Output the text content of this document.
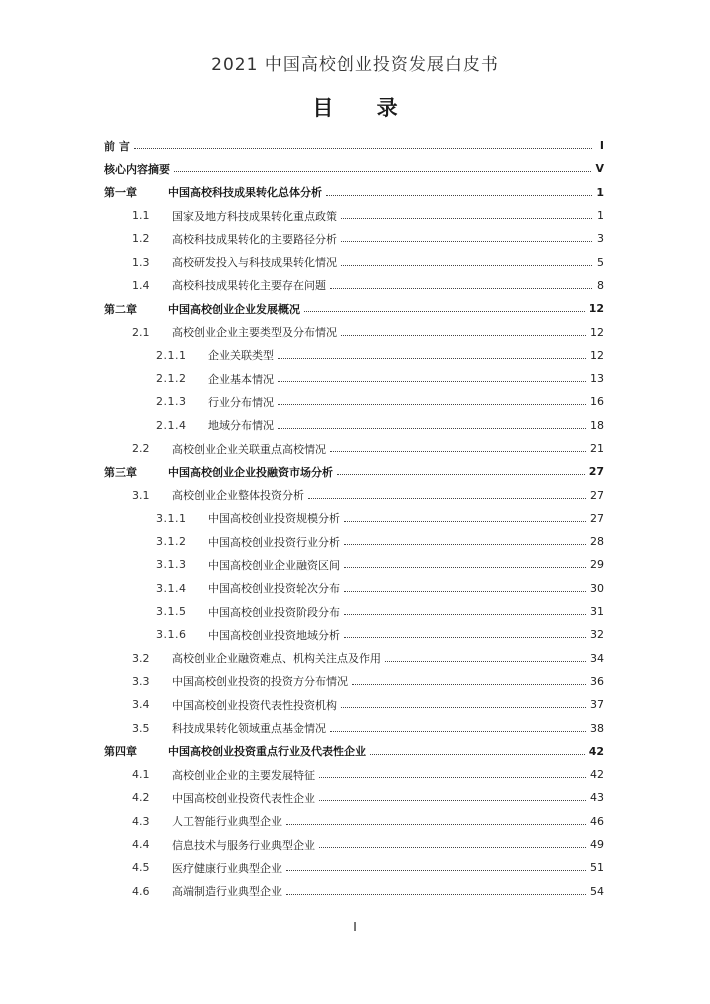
2021 中国高校创业投资发展白皮书
目 录
前 言	I
核心内容摘要	V
第一章	中国高校科技成果转化总体分析	1
1.1	国家及地方科技成果转化重点政策	1
1.2	高校科技成果转化的主要路径分析	3
1.3	高校研发投入与科技成果转化情况	5
1.4	高校科技成果转化主要存在问题	8
第二章	中国高校创业企业发展概况	12
2.1	高校创业企业主要类型及分布情况	12
2.1.1	企业关联类型	12
2.1.2	企业基本情况	13
2.1.3	行业分布情况	16
2.1.4	地域分布情况	18
2.2	高校创业企业关联重点高校情况	21
第三章	中国高校创业企业投融资市场分析	27
3.1	高校创业企业整体投资分析	27
3.1.1	中国高校创业投资规模分析	27
3.1.2	中国高校创业投资行业分析	28
3.1.3	中国高校创业企业融资区间	29
3.1.4	中国高校创业投资轮次分布	30
3.1.5	中国高校创业投资阶段分布	31
3.1.6	中国高校创业投资地域分析	32
3.2	高校创业企业融资难点、机构关注点及作用	34
3.3	中国高校创业投资的投资方分布情况	36
3.4	中国高校创业投资代表性投资机构	37
3.5	科技成果转化领域重点基金情况	38
第四章	中国高校创业投资重点行业及代表性企业	42
4.1	高校创业企业的主要发展特征	42
4.2	中国高校创业投资代表性企业	43
4.3	人工智能行业典型企业	46
4.4	信息技术与服务行业典型企业	49
4.5	医疗健康行业典型企业	51
4.6	高端制造行业典型企业	54
I
